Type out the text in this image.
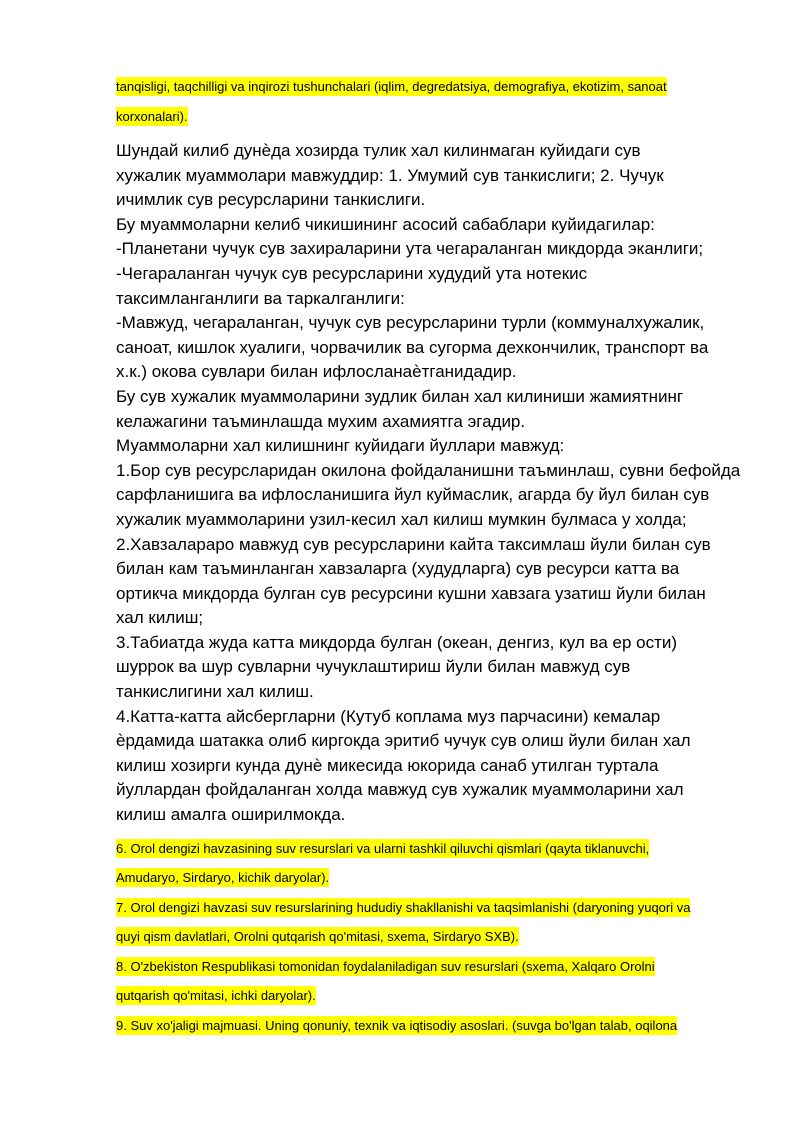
tanqisligi, taqchilligi va inqirozi tushunchalari (iqlim, degredatsiya, demografiya, ekotizim, sanoat

korxonalari).

Шундай килиб дунѐда хозирда тулик хал килинмаган куйидаги сув

хужалик муаммолари мавжуддир: 1. Умумий сув танкислиги; 2. Чучук

ичимлик сув ресурсларини танкислиги.

Бу муаммоларни келиб чикишининг асосий сабаблари куйидагилар:

-Планетани чучук сув захираларини ута чегараланган микдорда эканлиги;

-Чегараланган чучук сув ресурсларини худудий ута нотекис

таксимланганлиги ва таркалганлиги:

-Мавжуд, чегараланган, чучук сув ресурсларини турли (коммуналхужалик,

саноат, кишлок хуалиги, чорвачилик ва сугорма дехкончилик, транспорт ва

х.к.) окова сувлари билан ифлосланаѐтганидадир.

Бу сув хужалик муаммоларини зудлик билан хал килиниши жамиятнинг

келажагини таъминлашда мухим ахамиятга эгадир.

Муаммоларни хал килишнинг куйидаги йуллари мавжуд:

1.Бор сув ресурсларидан окилона фойдаланишни таъминлаш, сувни бефойда

сарфланишига ва ифлосланишига йул куймаслик, агарда бу йул билан сув

хужалик муаммоларини узил-кесил хал килиш мумкин булмаса у холда;

2.Хавзалараро мавжуд сув ресурсларини кайта таксимлаш йули билан сув

билан кам таъминланган хавзаларга (худудларга) сув ресурси катта ва

ортикча микдорда булган сув ресурсини кушни хавзага узатиш йули билан

хал килиш;

3.Табиатда жуда катта микдорда булган (океан, денгиз, кул ва ер ости)

шуррок ва шур сувларни чучуклаштириш йули билан мавжуд сув

танкислигини хал килиш.

4.Катта-катта айсбергларни (Кутуб коплама муз парчасини) кемалар

ѐрдамида шатакка олиб киргокда эритиб чучук сув олиш йули билан хал

килиш хозирги кунда дунѐ микесида юкорида санаб утилган туртала

йуллардан фойдаланган холда мавжуд сув хужалик муаммоларини хал

килиш амалга оширилмокда.

6. Orol dengizi havzasining suv resurslari va ularni tashkil qiluvchi qismlari (qayta tiklanuvchi,

Amudaryo, Sirdaryo, kichik daryolar).

7. Orol dengizi havzasi suv resurslarining hududiy shakllanishi va taqsimlanishi (daryoning yuqori va

quyi qism davlatlari, Orolni qutqarish qo'mitasi, sxema, Sirdaryo SXB).

8. O'zbekiston Respublikasi tomonidan foydalaniladigan suv resurslari (sxema, Xalqaro Orolni

qutqarish qo'mitasi, ichki daryolar).

9. Suv xo'jaligi majmuasi. Uning qonuniy, texnik va iqtisodiy asoslari. (suvga bo'lgan talab, oqilona
